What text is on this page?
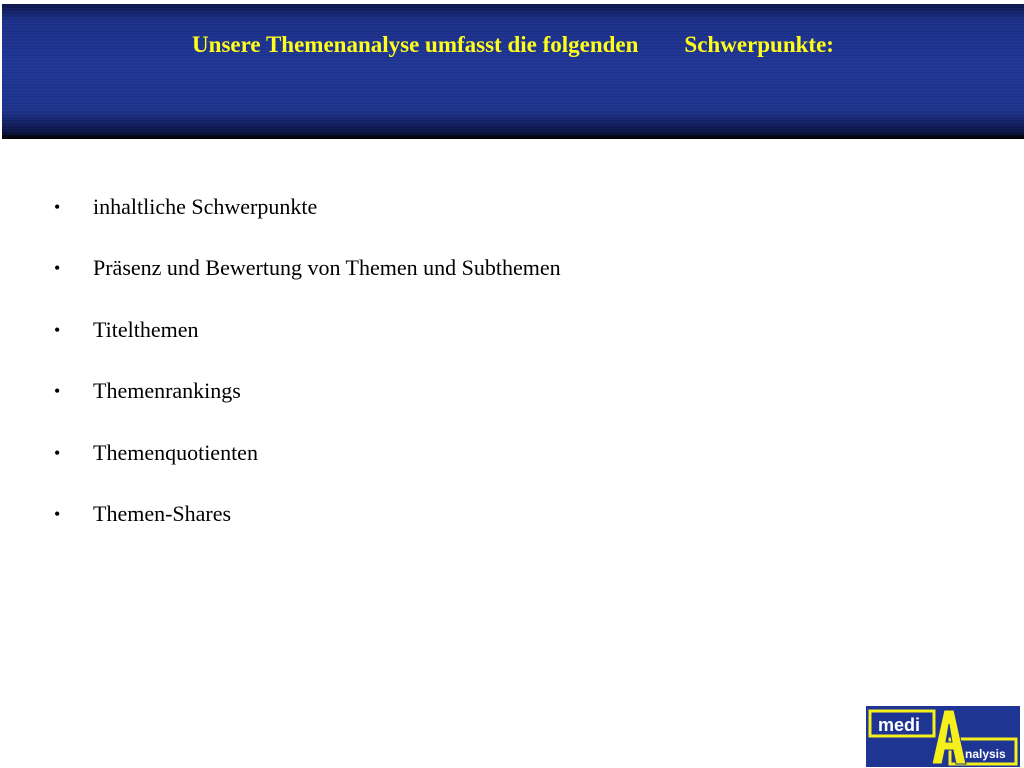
Unsere Themenanalyse umfasst die folgenden        Schwerpunkte:
•	inhaltliche Schwerpunkte
•	Präsenz und Bewertung von Themen und Subthemen
•	Titelthemen
•	Themenrankings
•	Themenquotienten
•	Themen-Shares
medi
nalysis
